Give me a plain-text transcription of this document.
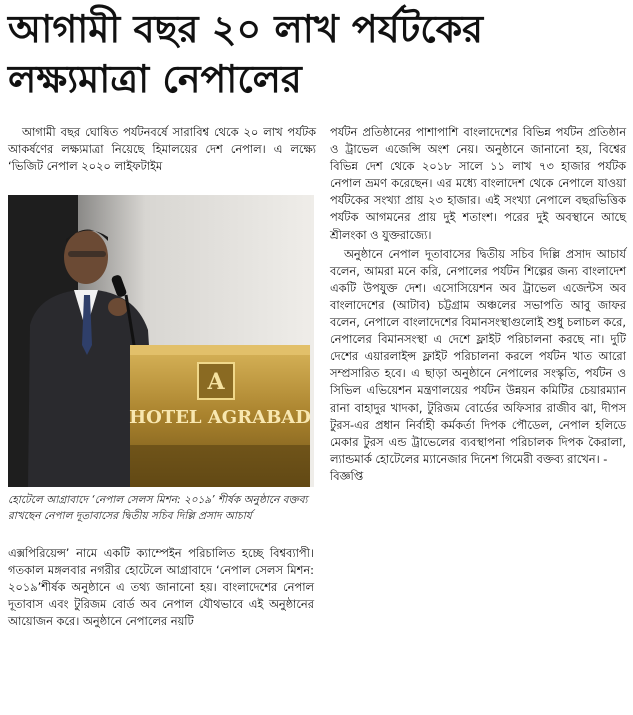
আগামী বছর ২০ লাখ পর্যটকের
লক্ষ্যমাত্রা নেপালের

আগামী বছর ঘোষিত পর্যটনবর্ষে সারাবিশ্ব থেকে ২০ লাখ পর্যটক আকর্ষণের লক্ষ্যমাত্রা নিয়েছে হিমালয়ের দেশ নেপাল। এ লক্ষ্যে ‘ভিজিট নেপাল ২০২০ লাইফটাইম

A
HOTEL AGRABAD
হোটেলে আগ্রাবাদে ‘নেপাল সেলস মিশন: ২০১৯’ শীর্ষক অনুষ্ঠানে বক্তব্য রাখছেন নেপাল দূতাবাসের দ্বিতীয় সচিব দিল্লি প্রসাদ আচার্য

এক্সপিরিয়েন্স’ নামে একটি ক্যাম্পেইন পরিচালিত হচ্ছে বিশ্বব্যাপী। গতকাল মঙ্গলবার নগরীর হোটেলে আগ্রাবাদে ‘নেপাল সেলস মিশন: ২০১৯’শীর্ষক অনুষ্ঠানে এ তথ্য জানানো হয়। বাংলাদেশের নেপাল দূতাবাস এবং টুরিজম বোর্ড অব নেপাল যৌথভাবে এই অনুষ্ঠানের আয়োজন করে। অনুষ্ঠানে নেপালের নয়টি

পর্যটন প্রতিষ্ঠানের পাশাপাশি বাংলাদেশের বিভিন্ন পর্যটন প্রতিষ্ঠান ও ট্রাভেল এজেন্সি অংশ নেয়। অনুষ্ঠানে জানানো হয়, বিশ্বের বিভিন্ন দেশ থেকে ২০১৮ সালে ১১ লাখ ৭৩ হাজার পর্যটক নেপাল ভ্রমণ করেছেন। এর মধ্যে বাংলাদেশ থেকে নেপালে যাওয়া পর্যটকের সংখ্যা প্রায় ২৩ হাজার। এই সংখ্যা নেপালে বছরভিত্তিক পর্যটক আগমনের প্রায় দুই শতাংশ। পরের দুই অবস্থানে আছে শ্রীলংকা ও যুক্তরাজ্যে।

অনুষ্ঠানে নেপাল দূতাবাসের দ্বিতীয় সচিব দিল্লি প্রসাদ আচার্য বলেন, আমরা মনে করি, নেপালের পর্যটন শিল্পের জন্য বাংলাদেশ একটি উপযুক্ত দেশ। এসোসিয়েশন অব ট্রাভেল এজেন্টস অব বাংলাদেশের (আটাব) চট্টগ্রাম অঞ্চলের সভাপতি আবু জাফর বলেন, নেপালে বাংলাদেশের বিমানসংস্থাগুলোই শুধু চলাচল করে, নেপালের বিমানসংস্থা এ দেশে ফ্লাইট পরিচালনা করছে না। দুটি দেশের এয়ারলাইন্স ফ্লাইট পরিচালনা করলে পর্যটন খাত আরো সম্প্রসারিত হবে। এ ছাড়া অনুষ্ঠানে নেপালের সংস্কৃতি, পর্যটন ও সিভিল এভিয়েশন মন্ত্রণালয়ের পর্যটন উন্নয়ন কমিটির চেয়ারম্যান রানা বাহাদুর খাদকা, টুরিজম বোর্ডের অফিসার রাজীব ঝা, দীপস টুরস-এর প্রধান নির্বাহী কর্মকর্তা দিপক পৌডেল, নেপাল হলিডে মেকার টুরস এন্ড ট্রাভেলের ব্যবস্থাপনা পরিচালক দিপক কৈরালা, ল্যান্ডমার্ক হোটেলের ম্যানেজার দিনেশ গিমেরী বক্তব্য রাখেন। -

বিজ্ঞপ্তি
